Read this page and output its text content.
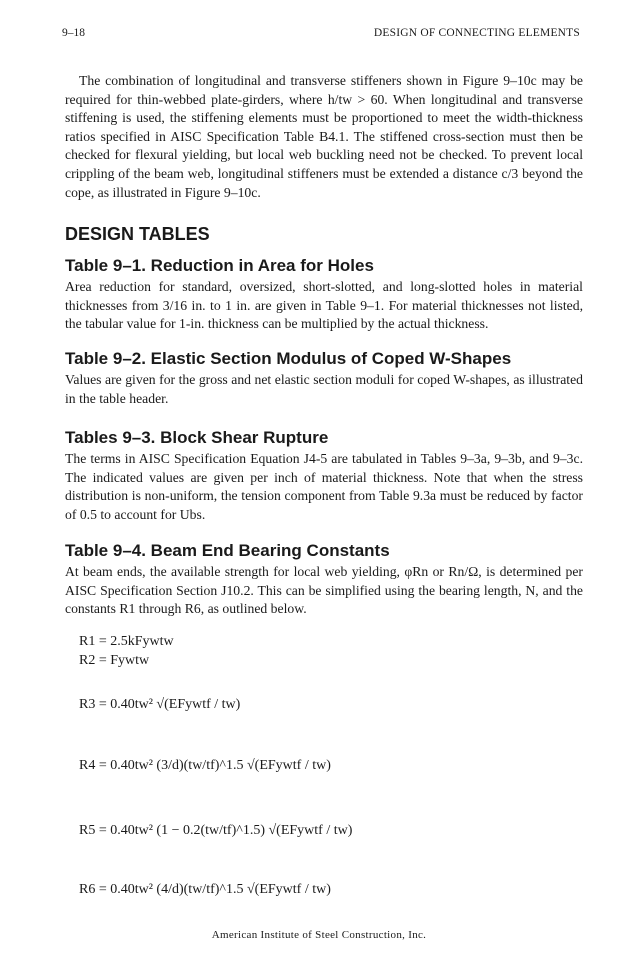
9–18	DESIGN OF CONNECTING ELEMENTS

The combination of longitudinal and transverse stiffeners shown in Figure 9–10c may be required for thin-webbed plate-girders, where h/tw > 60. When longitudinal and transverse stiffening is used, the stiffening elements must be proportioned to meet the width-thickness ratios specified in AISC Specification Table B4.1. The stiffened cross-section must then be checked for flexural yielding, but local web buckling need not be checked. To prevent local crippling of the beam web, longitudinal stiffeners must be extended a distance c/3 beyond the cope, as illustrated in Figure 9–10c.

DESIGN TABLES
Table 9–1. Reduction in Area for Holes

Area reduction for standard, oversized, short-slotted, and long-slotted holes in material thicknesses from 3/16 in. to 1 in. are given in Table 9–1. For material thicknesses not listed, the tabular value for 1-in. thickness can be multiplied by the actual thickness.

Table 9–2. Elastic Section Modulus of Coped W-Shapes

Values are given for the gross and net elastic section moduli for coped W-shapes, as illustrated in the table header.

Tables 9–3. Block Shear Rupture

The terms in AISC Specification Equation J4-5 are tabulated in Tables 9–3a, 9–3b, and 9–3c. The indicated values are given per inch of material thickness. Note that when the stress distribution is non-uniform, the tension component from Table 9.3a must be reduced by factor of 0.5 to account for Ubs.

Table 9–4. Beam End Bearing Constants

At beam ends, the available strength for local web yielding, φRn or Rn/Ω, is determined per AISC Specification Section J10.2. This can be simplified using the bearing length, N, and the constants R1 through R6, as outlined below.

R1 = 2.5kFywtw
R2 = Fywtw
R3 = 0.40tw² √(EFywtf / tw)
R4 = 0.40tw² (3/d)(tw/tf)^1.5 √(EFywtf / tw)
R5 = 0.40tw² (1 − 0.2(tw/tf)^1.5) √(EFywtf / tw)
R6 = 0.40tw² (4/d)(tw/tf)^1.5 √(EFywtf / tw)
American Institute of Steel Construction, Inc.
